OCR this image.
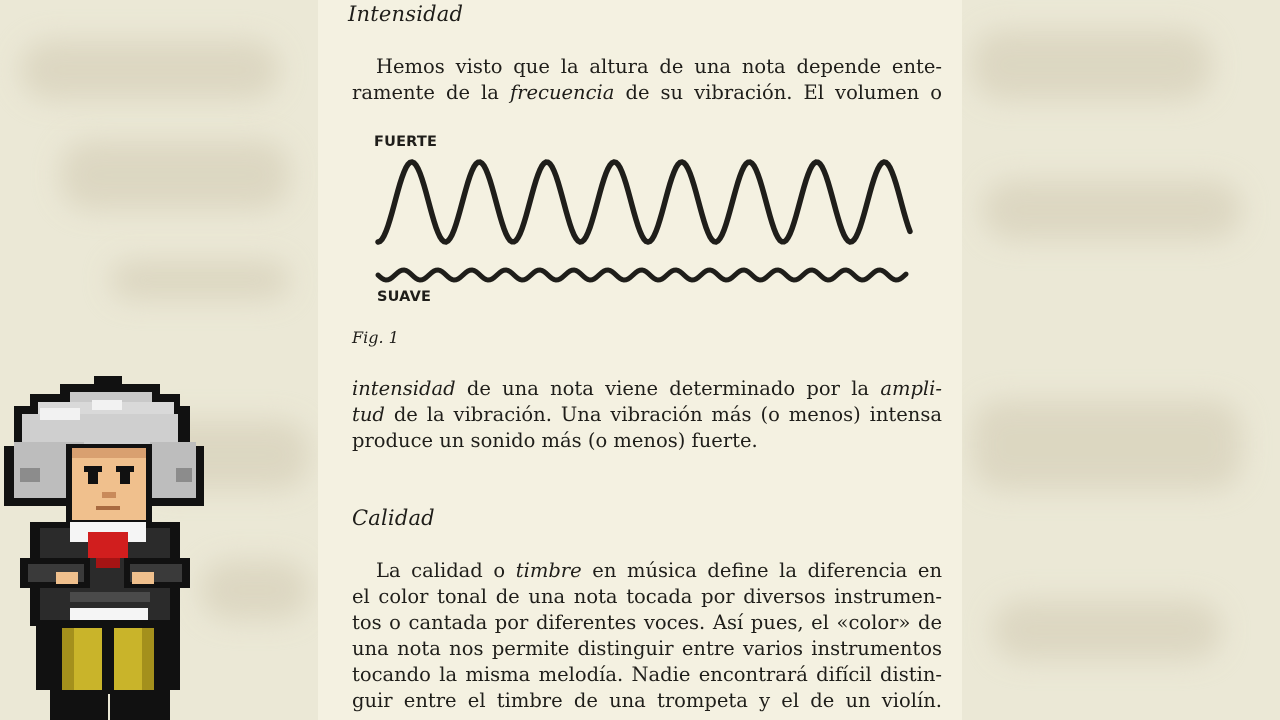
Intensidad
Hemos visto que la altura de una nota depende ente-
ramente de la frecuencia de su vibración. El volumen o
FUERTE
SUAVE
Fig. 1
intensidad de una nota viene determinado por la ampli-
tud de la vibración. Una vibración más (o menos) intensa
produce un sonido más (o menos) fuerte.
Calidad
La calidad o timbre en música define la diferencia en
el color tonal de una nota tocada por diversos instrumen-
tos o cantada por diferentes voces. Así pues, el «color» de
una nota nos permite distinguir entre varios instrumentos
tocando la misma melodía. Nadie encontrará difícil distin-
guir entre el timbre de una trompeta y el de un violín.
